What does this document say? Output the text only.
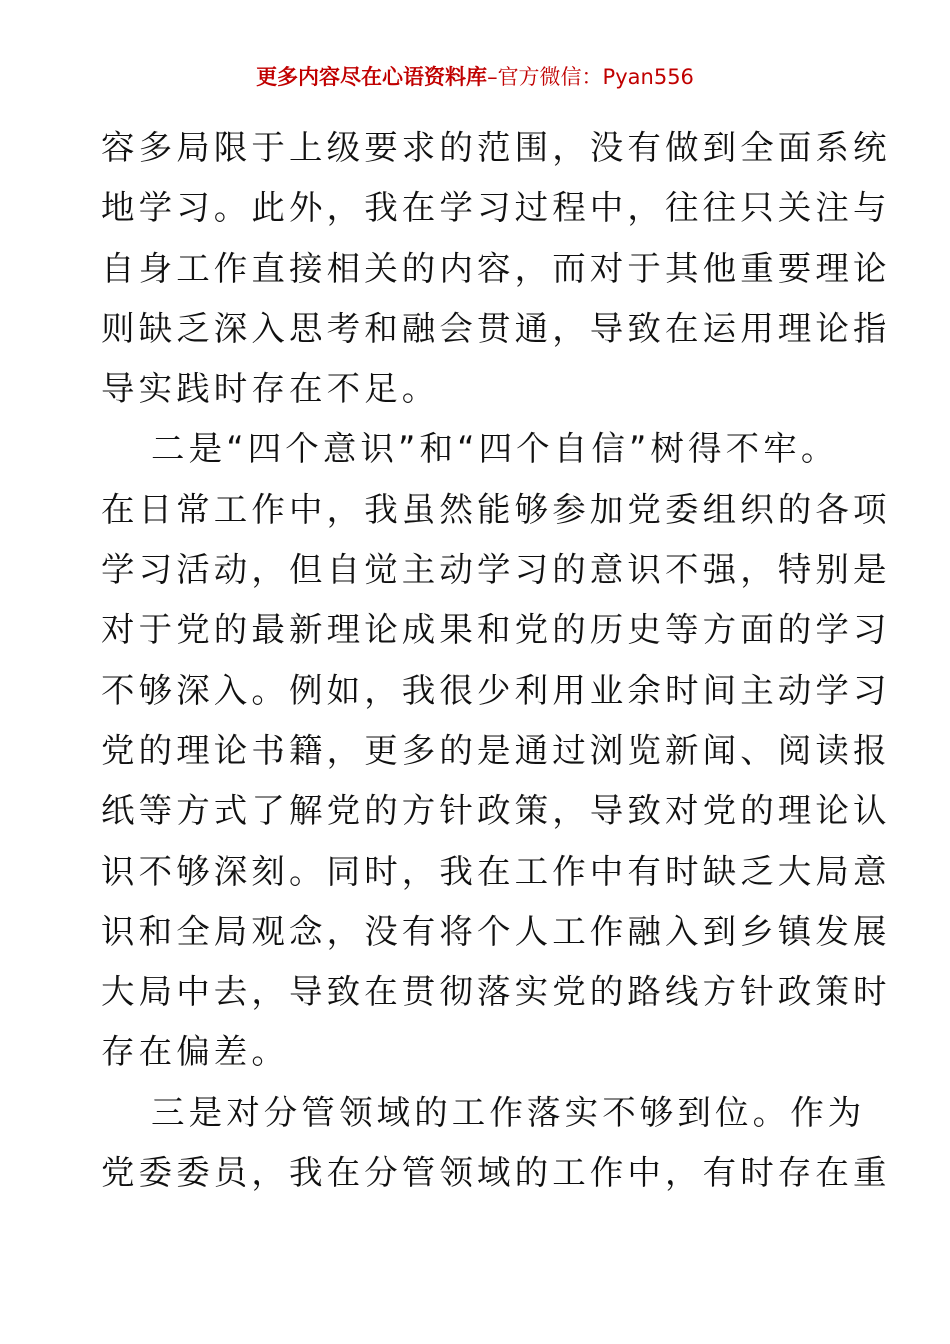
更多内容尽在心语资料库–官方微信：Pyan556
容多局限于上级要求的范围，没有做到全面系统
地学习。此外，我在学习过程中，往往只关注与
自身工作直接相关的内容，而对于其他重要理论
则缺乏深入思考和融会贯通，导致在运用理论指
导实践时存在不足。
二是“四个意识”和“四个自信”树得不牢。
在日常工作中，我虽然能够参加党委组织的各项
学习活动，但自觉主动学习的意识不强，特别是
对于党的最新理论成果和党的历史等方面的学习
不够深入。例如，我很少利用业余时间主动学习
党的理论书籍，更多的是通过浏览新闻、阅读报
纸等方式了解党的方针政策，导致对党的理论认
识不够深刻。同时，我在工作中有时缺乏大局意
识和全局观念，没有将个人工作融入到乡镇发展
大局中去，导致在贯彻落实党的路线方针政策时
存在偏差。
三是对分管领域的工作落实不够到位。作为
党委委员，我在分管领域的工作中，有时存在重
